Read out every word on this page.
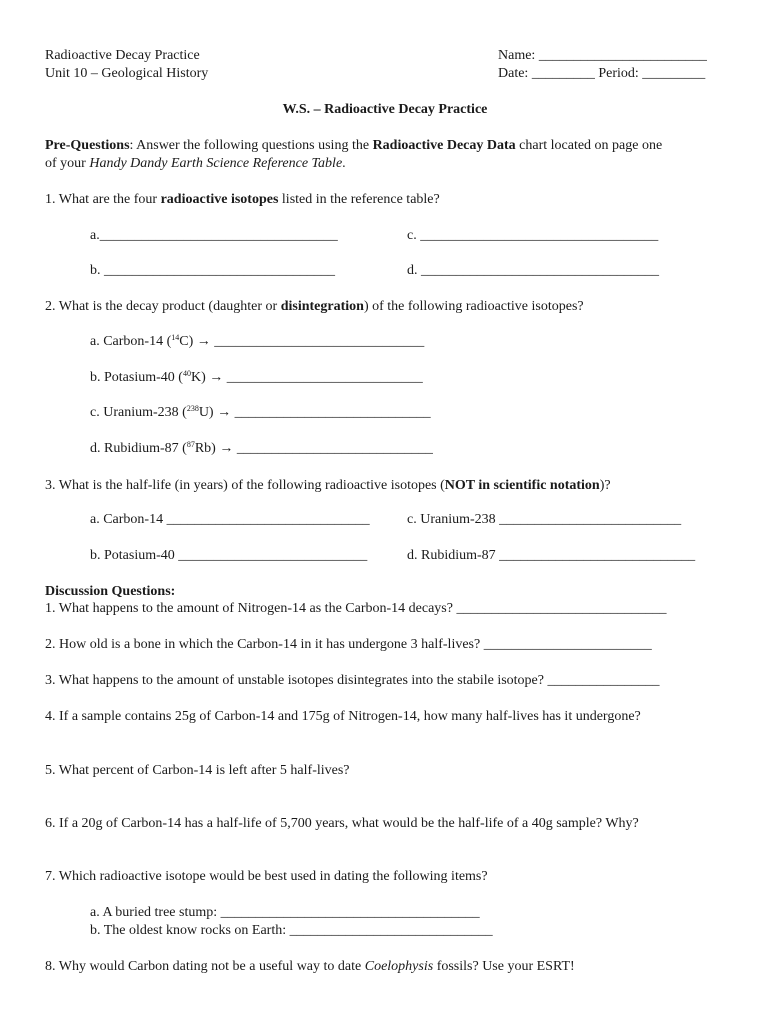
Radioactive Decay Practice
Unit 10 – Geological History
Name: ________________________
Date: _________ Period: _________
W.S. – Radioactive Decay Practice
Pre-Questions: Answer the following questions using the Radioactive Decay Data chart located on page one
of your Handy Dandy Earth Science Reference Table.
1. What are the four radioactive isotopes listed in the reference table?
a.__________________________________	c. __________________________________
b. _________________________________	d. __________________________________
2. What is the decay product (daughter or disintegration) of the following radioactive isotopes?
a. Carbon-14 ($^{14}$C) → ______________________________
b. Potasium-40 ($^{40}$K) → ____________________________
c. Uranium-238 ($^{238}$U) → ____________________________
d. Rubidium-87 ($^{87}$Rb) → ____________________________
3. What is the half-life (in years) of the following radioactive isotopes (NOT in scientific notation)?
a. Carbon-14 _____________________________	c. Uranium-238 __________________________
b. Potasium-40 ___________________________	d. Rubidium-87 ____________________________
Discussion Questions:
1. What happens to the amount of Nitrogen-14 as the Carbon-14 decays? ______________________________
2. How old is a bone in which the Carbon-14 in it has undergone 3 half-lives? ________________________
3. What happens to the amount of unstable isotopes disintegrates into the stabile isotope? ________________
4. If a sample contains 25g of Carbon-14 and 175g of Nitrogen-14, how many half-lives has it undergone?
5. What percent of Carbon-14 is left after 5 half-lives?
6. If a 20g of Carbon-14 has a half-life of 5,700 years, what would be the half-life of a 40g sample? Why?
7. Which radioactive isotope would be best used in dating the following items?
a. A buried tree stump: _____________________________________
b. The oldest know rocks on Earth: _____________________________
8. Why would Carbon dating not be a useful way to date Coelophysis fossils? Use your ESRT!
